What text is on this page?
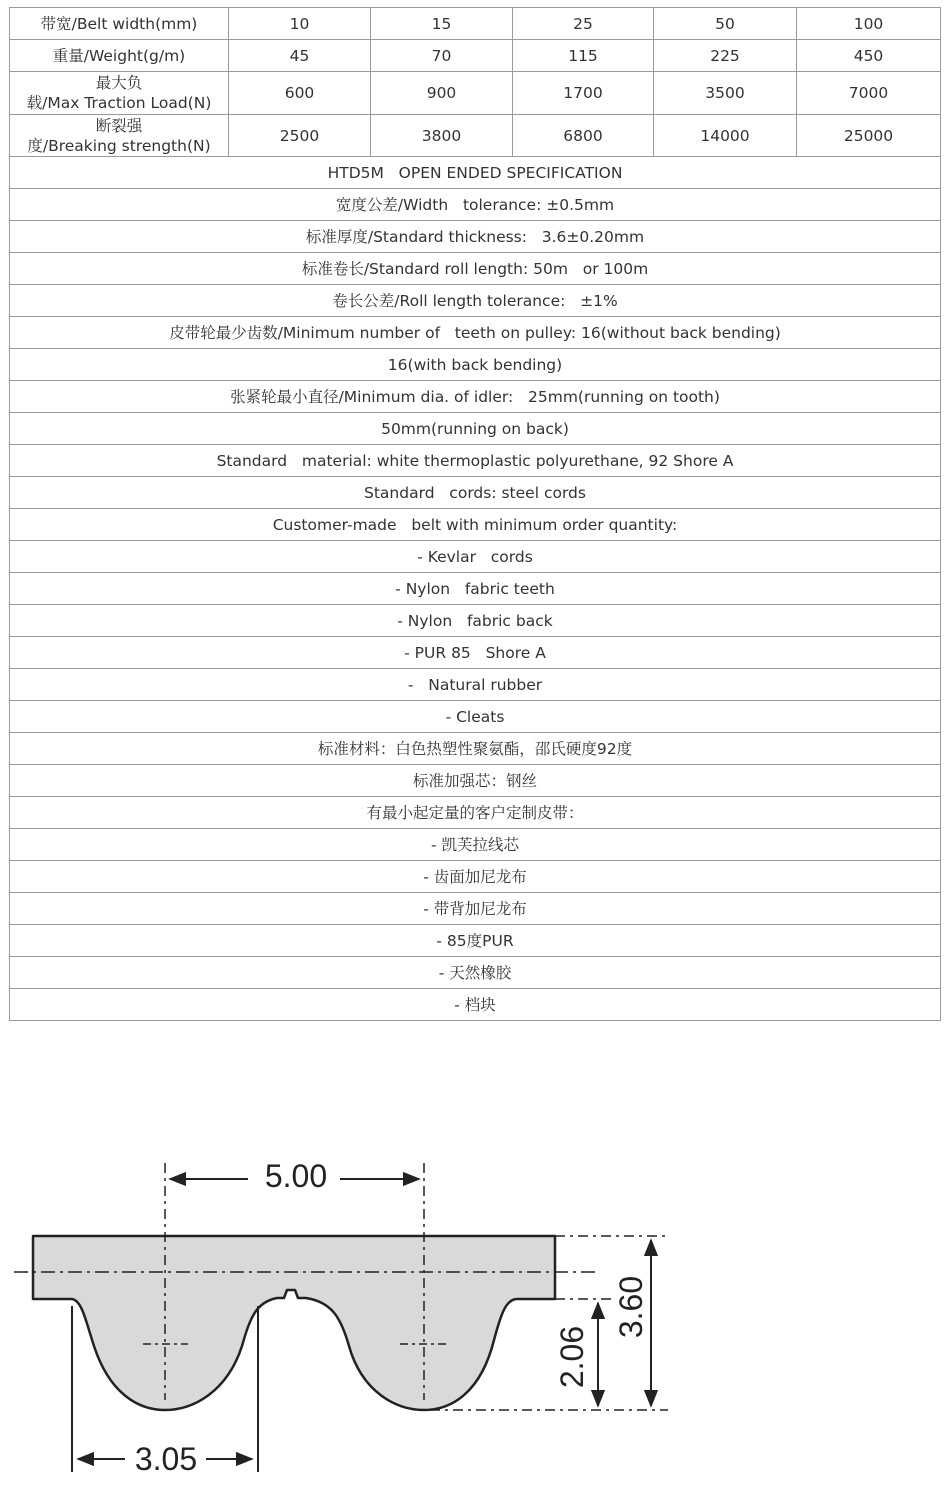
带宽/Belt width(mm)	10	15	25	50	100
重量/Weight(g/m)	45	70	115	225	450

最大负
载/Max Traction Load(N)	600	900	1700	3500	7000

断裂强
度/Breaking strength(N)	2500	3800	6800	14000	25000
HTD5M   OPEN ENDED SPECIFICATION					
宽度公差/Width   tolerance: ±0.5mm					
标准厚度/Standard thickness:   3.6±0.20mm					
标准卷长/Standard roll length: 50m   or 100m					
卷长公差/Roll length tolerance:   ±1%					
皮带轮最少齿数/Minimum number of   teeth on pulley: 16(without back bending)					
16(with back bending)					
张紧轮最小直径/Minimum dia. of idler:   25mm(running on tooth)					
50mm(running on back)					
Standard   material: white thermoplastic polyurethane, 92 Shore A					
Standard   cords: steel cords					
Customer-made   belt with minimum order quantity:					
- Kevlar   cords					
- Nylon   fabric teeth					
- Nylon   fabric back					
- PUR 85   Shore A					
-   Natural rubber					
- Cleats					
标准材料：白色热塑性聚氨酯，邵氏硬度92度					
标准加强芯：钢丝					
有最小起定量的客户定制皮带：					
- 凯芙拉线芯					
- 齿面加尼龙布					
- 带背加尼龙布					
- 85度PUR					
- 天然橡胶					
- 档块					
5.00
3.05
2.06
3.60
